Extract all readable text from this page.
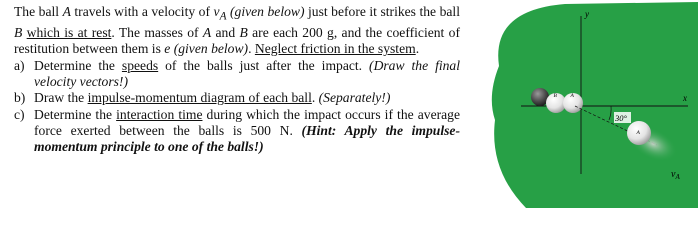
The ball A travels with a velocity of $v_A$ (given below) just before it strikes the ball B which is at rest. The masses of A and B are each 200 g, and the coefficient of restitution between them is e (given below). Neglect friction in the system.
a) Determine the speeds of the balls just after the impact. (Draw the final velocity vectors!)
b) Draw the impulse-momentum diagram of each ball. (Separately!)
c) Determine the interaction time during which the impact occurs if the average force exerted between the balls is 500 N. (Hint: Apply the impulse-momentum principle to one of the balls!)
y
x
B A
30°
A
$v_A$
